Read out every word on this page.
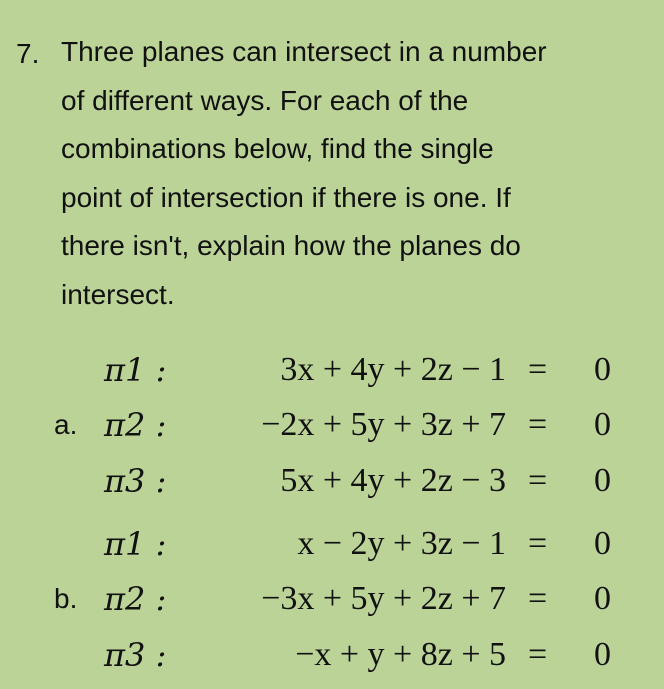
7. Three planes can intersect in a number

of different ways. For each of the

combinations below, find the single

point of intersection if there is one. If

there isn't, explain how the planes do

intersect.

a.
π1 :	3x + 4y + 2z − 1 = 0
π2 :	−2x + 5y + 3z + 7 = 0
π3 :	5x + 4y + 2z − 3 = 0
b.
π1 :	x − 2y + 3z − 1 = 0
π2 :	−3x + 5y + 2z + 7 = 0
π3 :	−x + y + 8z + 5 = 0
